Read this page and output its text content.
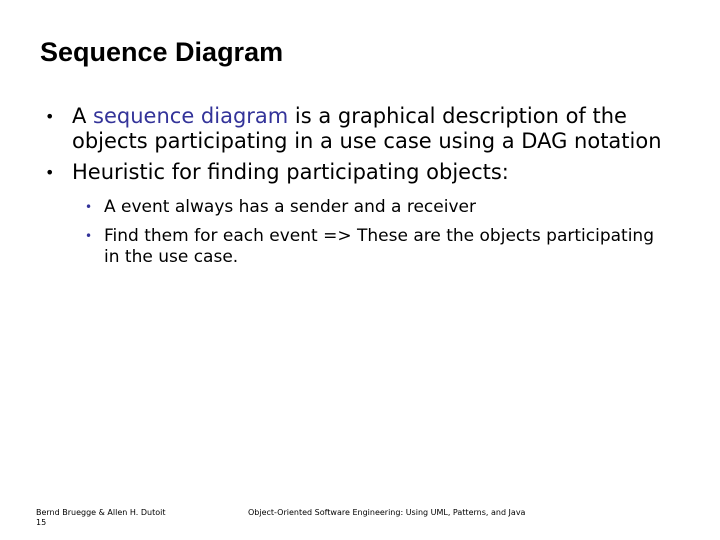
Sequence Diagram
• A sequence diagram is a graphical description of the objects participating in a use case using a DAG notation
• Heuristic for finding participating objects:
• A event always has a sender and a receiver
• Find them for each event => These are the objects participating in the use case.
Bernd Bruegge & Allen H. Dutoit
15
Object-Oriented Software Engineering: Using UML, Patterns, and Java
